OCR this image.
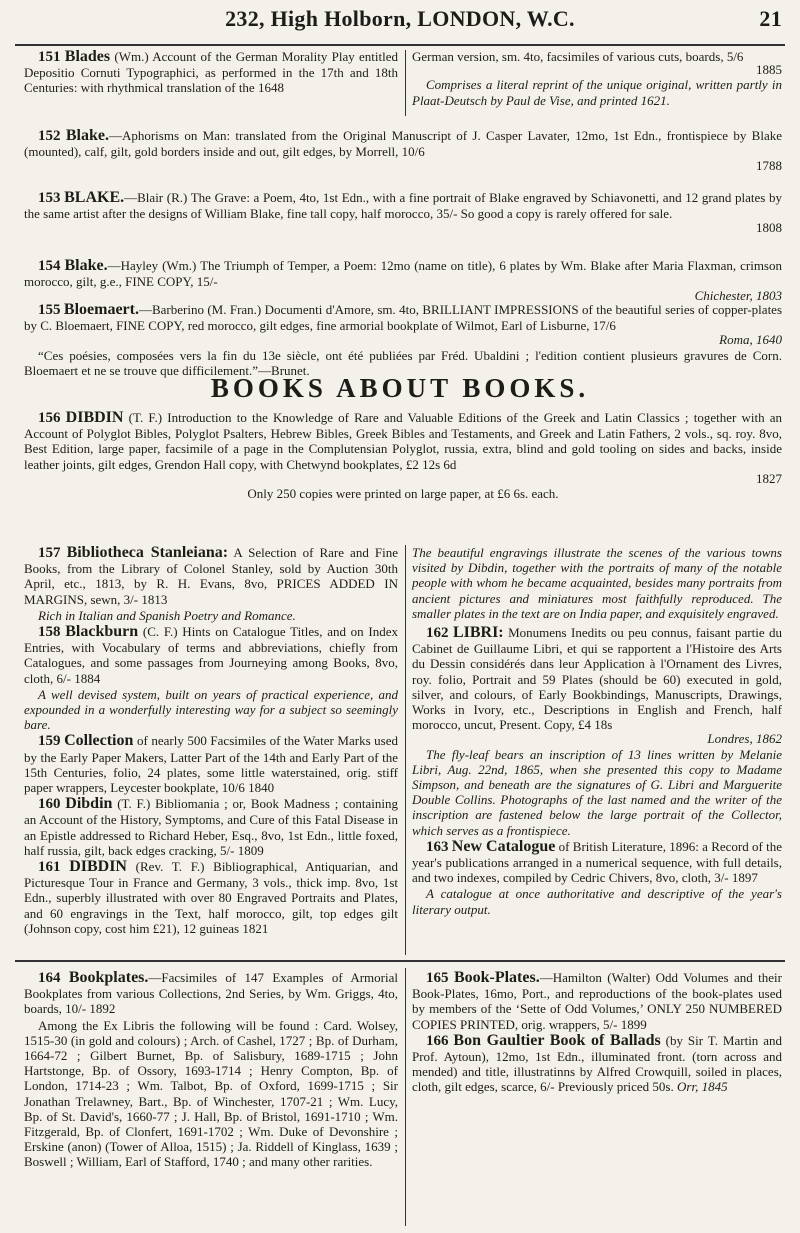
232, High Holborn, LONDON, W.C.	21

151 Blades (Wm.) Account of the German Morality Play entitled Depositio Cornuti Typographici, as performed in the 17th and 18th Centuries: with rhythmical translation of the 1648

German version, sm. 4to, facsimiles of various cuts, boards, 5/6
1885
Comprises a literal reprint of the unique original, written partly in Plaat-Deutsch by Paul de Vise, and printed 1621.

152 Blake.—Aphorisms on Man: translated from the Original Manuscript of J. Casper Lavater, 12mo, 1st Edn., frontispiece by Blake (mounted), calf, gilt, gold borders inside and out, gilt edges, by Morrell, 10/6

1788

153 BLAKE.—Blair (R.) The Grave: a Poem, 4to, 1st Edn., with a fine portrait of Blake engraved by Schiavonetti, and 12 grand plates by the same artist after the designs of William Blake, fine tall copy, half morocco, 35/- So good a copy is rarely offered for sale.

1808

154 Blake.—Hayley (Wm.) The Triumph of Temper, a Poem: 12mo (name on title), 6 plates by Wm. Blake after Maria Flaxman, crimson morocco, gilt, g.e., FINE COPY, 15/-

Chichester, 1803

155 Bloemaert.—Barberino (M. Fran.) Documenti d'Amore, sm. 4to, BRILLIANT IMPRESSIONS of the beautiful series of copper-plates by C. Bloemaert, FINE COPY, red morocco, gilt edges, fine armorial bookplate of Wilmot, Earl of Lisburne, 17/6

Roma, 1640

“Ces poésies, composées vers la fin du 13e siècle, ont été publiées par Fréd. Ubaldini ; l'edition contient plusieurs gravures de Corn. Bloemaert et ne se trouve que difficilement.”—Brunet.

BOOKS ABOUT BOOKS.

156 DIBDIN (T. F.) Introduction to the Knowledge of Rare and Valuable Editions of the Greek and Latin Classics ; together with an Account of Polyglot Bibles, Polyglot Psalters, Hebrew Bibles, Greek Bibles and Testaments, and Greek and Latin Fathers, 2 vols., sq. roy. 8vo, Best Edition, large paper, facsimile of a page in the Complutensian Polyglot, russia, extra, blind and gold tooling on sides and backs, inside leather joints, gilt edges, Grendon Hall copy, with Chetwynd bookplates, £2 12s 6d

1827
Only 250 copies were printed on large paper, at £6 6s. each.

157 Bibliotheca Stanleiana: A Selection of Rare and Fine Books, from the Library of Colonel Stanley, sold by Auction 30th April, etc., 1813, by R. H. Evans, 8vo, PRICES ADDED IN MARGINS, sewn, 3/- 1813

Rich in Italian and Spanish Poetry and Romance.

158 Blackburn (C. F.) Hints on Catalogue Titles, and on Index Entries, with Vocabulary of terms and abbreviations, chiefly from Catalogues, and some passages from Journeying among Books, 8vo, cloth, 6/- 1884

A well devised system, built on years of practical experience, and expounded in a wonderfully interesting way for a subject so seemingly bare.

159 Collection of nearly 500 Facsimiles of the Water Marks used by the Early Paper Makers, Latter Part of the 14th and Early Part of the 15th Centuries, folio, 24 plates, some little waterstained, orig. stiff paper wrappers, Leycester bookplate, 10/6 1840

160 Dibdin (T. F.) Bibliomania ; or, Book Madness ; containing an Account of the History, Symptoms, and Cure of this Fatal Disease in an Epistle addressed to Richard Heber, Esq., 8vo, 1st Edn., little foxed, half russia, gilt, back edges cracking, 5/- 1809

161 DIBDIN (Rev. T. F.) Bibliographical, Antiquarian, and Picturesque Tour in France and Germany, 3 vols., thick imp. 8vo, 1st Edn., superbly illustrated with over 80 Engraved Portraits and Plates, and 60 engravings in the Text, half morocco, gilt, top edges gilt (Johnson copy, cost him £21), 12 guineas 1821

The beautiful engravings illustrate the scenes of the various towns visited by Dibdin, together with the portraits of many of the notable people with whom he became acquainted, besides many portraits from ancient pictures and miniatures most faithfully reproduced. The smaller plates in the text are on India paper, and exquisitely engraved.

162 LIBRI: Monumens Inedits ou peu connus, faisant partie du Cabinet de Guillaume Libri, et qui se rapportent a l'Histoire des Arts du Dessin considérés dans leur Application à l'Ornament des Livres, roy. folio, Portrait and 59 Plates (should be 60) executed in gold, silver, and colours, of Early Bookbindings, Manuscripts, Drawings, Works in Ivory, etc., Descriptions in English and French, half morocco, uncut, Present. Copy, £4 18s

Londres, 1862

The fly-leaf bears an inscription of 13 lines written by Melanie Libri, Aug. 22nd, 1865, when she presented this copy to Madame Simpson, and beneath are the signatures of G. Libri and Marguerite Double Collins. Photographs of the last named and the writer of the inscription are fastened below the large portrait of the Collector, which serves as a frontispiece.

163 New Catalogue of British Literature, 1896: a Record of the year's publications arranged in a numerical sequence, with full details, and two indexes, compiled by Cedric Chivers, 8vo, cloth, 3/- 1897

A catalogue at once authoritative and descriptive of the year's literary output.

164 Bookplates.—Facsimiles of 147 Examples of Armorial Bookplates from various Collections, 2nd Series, by Wm. Griggs, 4to, boards, 10/- 1892

Among the Ex Libris the following will be found : Card. Wolsey, 1515-30 (in gold and colours) ; Arch. of Cashel, 1727 ; Bp. of Durham, 1664-72 ; Gilbert Burnet, Bp. of Salisbury, 1689-1715 ; John Hartstonge, Bp. of Ossory, 1693-1714 ; Henry Compton, Bp. of London, 1714-23 ; Wm. Talbot, Bp. of Oxford, 1699-1715 ; Sir Jonathan Trelawney, Bart., Bp. of Winchester, 1707-21 ; Wm. Lucy, Bp. of St. David's, 1660-77 ; J. Hall, Bp. of Bristol, 1691-1710 ; Wm. Fitzgerald, Bp. of Clonfert, 1691-1702 ; Wm. Duke of Devonshire ; Erskine (anon) (Tower of Alloa, 1515) ; Ja. Riddell of Kinglass, 1639 ; Boswell ; William, Earl of Stafford, 1740 ; and many other rarities.

165 Book-Plates.—Hamilton (Walter) Odd Volumes and their Book-Plates, 16mo, Port., and reproductions of the book-plates used by members of the ‘Sette of Odd Volumes,’ ONLY 250 NUMBERED COPIES PRINTED, orig. wrappers, 5/- 1899

166 Bon Gaultier Book of Ballads (by Sir T. Martin and Prof. Aytoun), 12mo, 1st Edn., illuminated front. (torn across and mended) and title, illustratinns by Alfred Crowquill, soiled in places, cloth, gilt edges, scarce, 6/- Previously priced 50s. Orr, 1845
